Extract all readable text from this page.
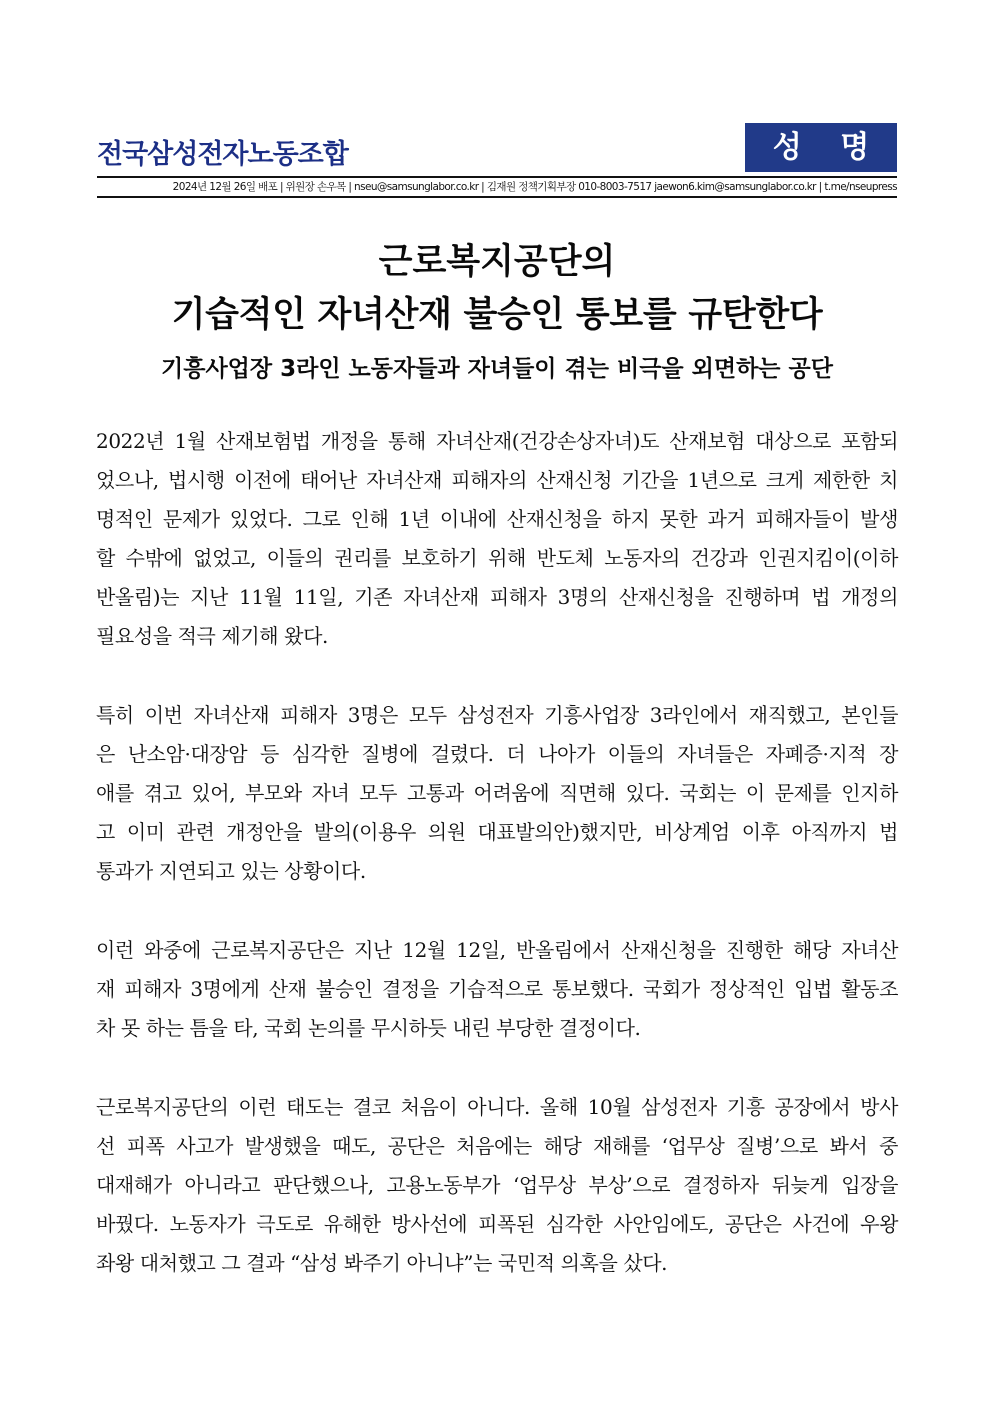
전국삼성전자노동조합	성 명
2024년 12월 26일 배포 | 위원장 손우목 | nseu@samsunglabor.co.kr | 김재원 정책기획부장 010-8003-7517 jaewon6.kim@samsunglabor.co.kr | t.me/nseupress
근로복지공단의
기습적인 자녀산재 불승인 통보를 규탄한다
기흥사업장 3라인 노동자들과 자녀들이 겪는 비극을 외면하는 공단
2022년 1월 산재보험법 개정을 통해 자녀산재(건강손상자녀)도 산재보험 대상으로 포함되
었으나, 법시행 이전에 태어난 자녀산재 피해자의 산재신청 기간을 1년으로 크게 제한한 치
명적인 문제가 있었다. 그로 인해 1년 이내에 산재신청을 하지 못한 과거 피해자들이 발생
할 수밖에 없었고, 이들의 권리를 보호하기 위해 반도체 노동자의 건강과 인권지킴이(이하
반올림)는 지난 11월 11일, 기존 자녀산재 피해자 3명의 산재신청을 진행하며 법 개정의
필요성을 적극 제기해 왔다.
특히 이번 자녀산재 피해자 3명은 모두 삼성전자 기흥사업장 3라인에서 재직했고, 본인들
은 난소암·대장암 등 심각한 질병에 걸렸다. 더 나아가 이들의 자녀들은 자폐증·지적 장
애를 겪고 있어, 부모와 자녀 모두 고통과 어려움에 직면해 있다. 국회는 이 문제를 인지하
고 이미 관련 개정안을 발의(이용우 의원 대표발의안)했지만, 비상계엄 이후 아직까지 법
통과가 지연되고 있는 상황이다.
이런 와중에 근로복지공단은 지난 12월 12일, 반올림에서 산재신청을 진행한 해당 자녀산
재 피해자 3명에게 산재 불승인 결정을 기습적으로 통보했다. 국회가 정상적인 입법 활동조
차 못 하는 틈을 타, 국회 논의를 무시하듯 내린 부당한 결정이다.
근로복지공단의 이런 태도는 결코 처음이 아니다. 올해 10월 삼성전자 기흥 공장에서 방사
선 피폭 사고가 발생했을 때도, 공단은 처음에는 해당 재해를 ‘업무상 질병’으로 봐서 중
대재해가 아니라고 판단했으나, 고용노동부가 ‘업무상 부상’으로 결정하자 뒤늦게 입장을
바꿨다. 노동자가 극도로 유해한 방사선에 피폭된 심각한 사안임에도, 공단은 사건에 우왕
좌왕 대처했고 그 결과 “삼성 봐주기 아니냐”는 국민적 의혹을 샀다.
